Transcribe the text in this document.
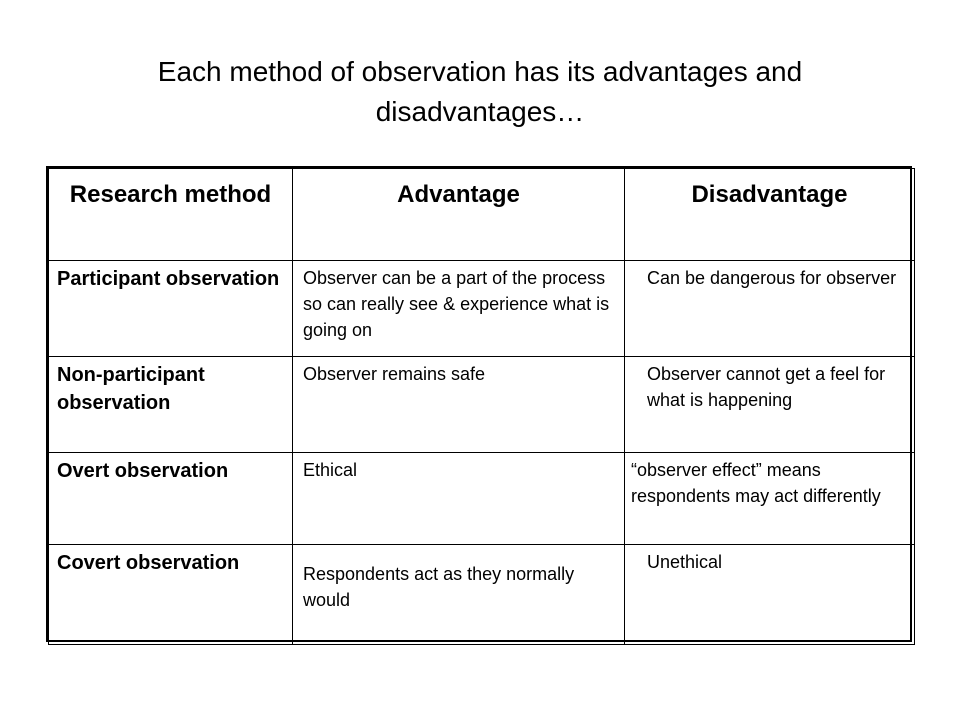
Each method of observation has its advantages and
disadvantages…
Research method	Advantage	Disadvantage

Participant observation	Observer can be a part of the process so can really see & experience what is going on	Can be dangerous for observer

Non-participant observation	Observer remains safe	Observer cannot get a feel for what is happening

Overt observation	Ethical	“observer effect” means respondents may act differently

Covert observation	Respondents act as they normally would	Unethical
